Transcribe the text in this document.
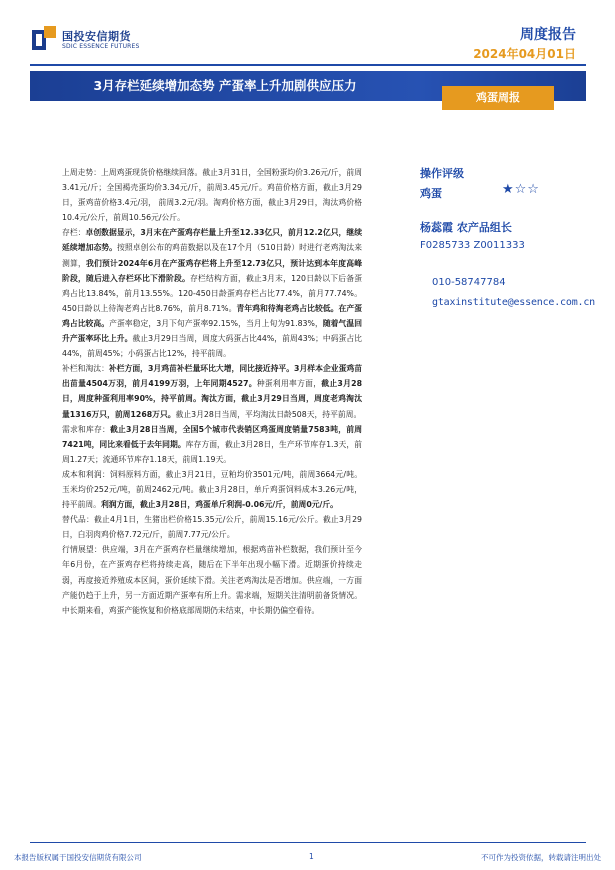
国投安信期货
SDIC ESSENCE FUTURES
周度报告
2024年04月01日
3月存栏延续增加态势 产蛋率上升加剧供应压力
鸡蛋周报
上周走势：上周鸡蛋现货价格继续回落。截止3月31日，全国粉蛋均价3.26元/斤，前周3.41元/斤；全国褐壳蛋均价3.34元/斤，前周3.45元/斤。鸡苗价格方面，截止3月29日，蛋鸡苗价格3.4元/羽， 前周3.2元/羽。淘鸡价格方面，截止3月29日，淘汰鸡价格10.4元/公斤，前周10.56元/公斤。
存栏：卓创数据显示，3月末在产蛋鸡存栏量上升至12.33亿只，前月12.2亿只，继续延续增加态势。按照卓创公布的鸡苗数据以及在17个月（510日龄）时进行老鸡淘汰来测算，我们预计2024年6月在产蛋鸡存栏将上升至12.73亿只，预计达到本年度高峰阶段，随后进入存栏环比下滑阶段。存栏结构方面，截止3月末，120日龄以下后备蛋鸡占比13.84%，前月13.55%。120-450日龄蛋鸡存栏占比77.4%，前月77.74%。450日龄以上待淘老鸡占比8.76%，前月8.71%。青年鸡和待淘老鸡占比较低。在产蛋鸡占比较高。产蛋率稳定，3月下旬产蛋率92.15%，当月上旬为91.83%，随着气温回升产蛋率环比上升。截止3月29日当周，周度大码蛋占比44%，前周43%；中码蛋占比44%，前周45%；小码蛋占比12%，持平前周。
补栏和淘汰：补栏方面，3月鸡苗补栏量环比大增，同比接近持平。3月样本企业蛋鸡苗出苗量4504万羽，前月4199万羽，上年同期4527。种蛋利用率方面，截止3月28日，周度种蛋利用率90%，持平前周。淘汰方面，截止3月29日当周，周度老鸡淘汰量1316万只，前周1268万只。截止3月28日当周，平均淘汰日龄508天，持平前周。
需求和库存：截止3月28日当周，全国5个城市代表销区鸡蛋周度销量7583吨，前周7421吨，同比来看低于去年同期。库存方面，截止3月28日，生产环节库存1.3天，前周1.27天；流通环节库存1.18天，前周1.19天。
成本和利润：饲料原料方面，截止3月21日，豆粕均价3501元/吨，前周3664元/吨。玉米均价252元/吨，前周2462元/吨。截止3月28日，单斤鸡蛋饲料成本3.26元/吨，持平前周。利润方面，截止3月28日，鸡蛋单斤利润-0.06元/斤，前周0元/斤。
替代品：截止4月1日，生猪出栏价格15.35元/公斤，前周15.16元/公斤。截止3月29日，白羽肉鸡价格7.72元/斤，前周7.77元/公斤。
行情展望：供应端，3月在产蛋鸡存栏量继续增加，根据鸡苗补栏数据，我们预计至今年6月份，在产蛋鸡存栏将持续走高，随后在下半年出现小幅下滑。近期蛋价持续走弱，再度接近养殖成本区间，蛋价延续下滑。关注老鸡淘汰是否增加。供应端，一方面产能仍趋于上升，另一方面近期产蛋率有所上升。需求端，短期关注清明前备货情况。中长期来看，鸡蛋产能恢复和价格底部周期仍未结束，中长期仍偏空看待。
操作评级
鸡蛋	★☆☆
杨蕊霞 农产品组长
F0285733 Z0011333
010-58747784
gtaxinstitute@essence.com.cn
本报告版权属于国投安信期货有限公司	1	不可作为投资依据，转载请注明出处
